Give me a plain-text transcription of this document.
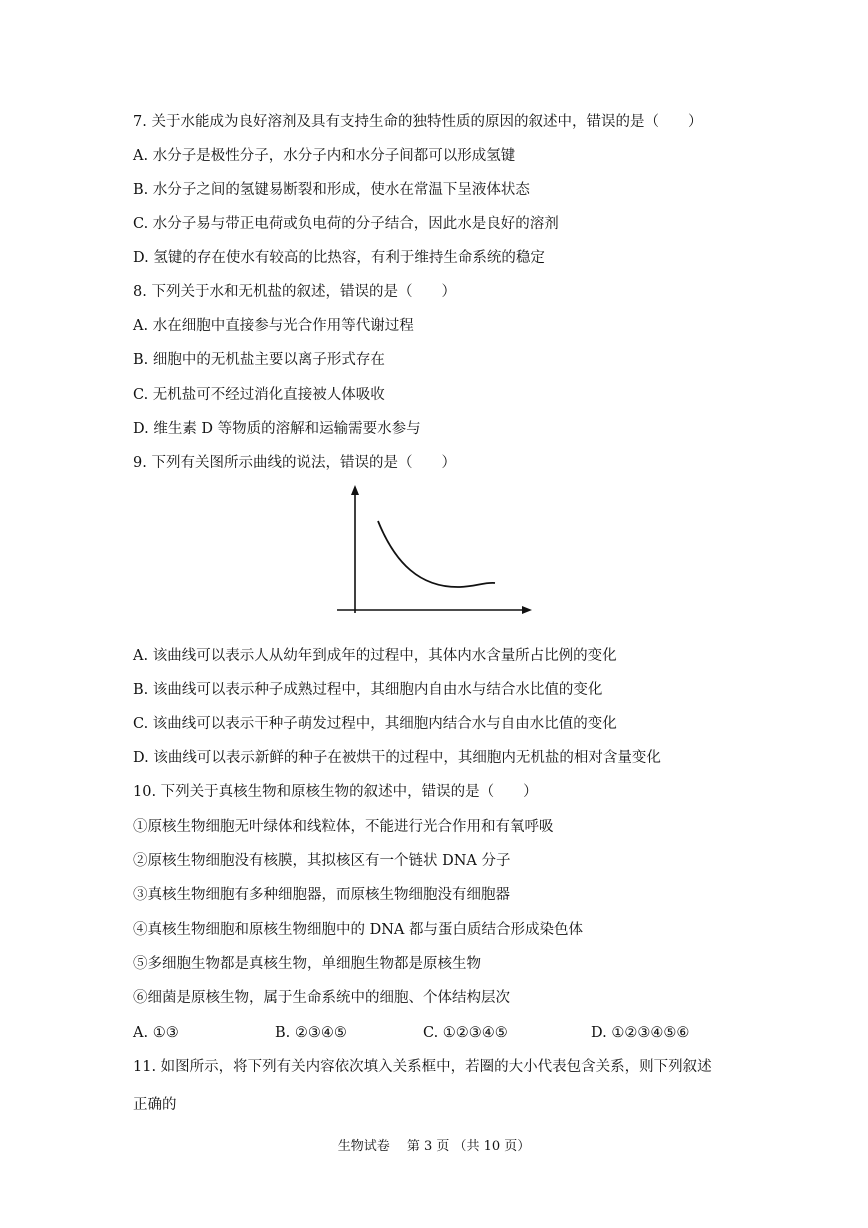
7. 关于水能成为良好溶剂及具有支持生命的独特性质的原因的叙述中，错误的是（　　）
A. 水分子是极性分子，水分子内和水分子间都可以形成氢键
B. 水分子之间的氢键易断裂和形成，使水在常温下呈液体状态
C. 水分子易与带正电荷或负电荷的分子结合，因此水是良好的溶剂
D. 氢键的存在使水有较高的比热容，有利于维持生命系统的稳定
8. 下列关于水和无机盐的叙述，错误的是（　　）
A. 水在细胞中直接参与光合作用等代谢过程
B. 细胞中的无机盐主要以离子形式存在
C. 无机盐可不经过消化直接被人体吸收
D. 维生素 D 等物质的溶解和运输需要水参与
9. 下列有关图所示曲线的说法，错误的是（　　）
A. 该曲线可以表示人从幼年到成年的过程中，其体内水含量所占比例的变化
B. 该曲线可以表示种子成熟过程中，其细胞内自由水与结合水比值的变化
C. 该曲线可以表示干种子萌发过程中，其细胞内结合水与自由水比值的变化
D. 该曲线可以表示新鲜的种子在被烘干的过程中，其细胞内无机盐的相对含量变化
10. 下列关于真核生物和原核生物的叙述中，错误的是（　　）
①原核生物细胞无叶绿体和线粒体，不能进行光合作用和有氧呼吸
②原核生物细胞没有核膜，其拟核区有一个链状 DNA 分子
③真核生物细胞有多种细胞器，而原核生物细胞没有细胞器
④真核生物细胞和原核生物细胞中的 DNA 都与蛋白质结合形成染色体
⑤多细胞生物都是真核生物，单细胞生物都是原核生物
⑥细菌是原核生物，属于生命系统中的细胞、个体结构层次
A. ①③	B. ②③④⑤	C. ①②③④⑤	D. ①②③④⑤⑥
11. 如图所示，将下列有关内容依次填入关系框中，若圈的大小代表包含关系，则下列叙述
正确的
生物试卷　 第 3 页 （共 10 页）
